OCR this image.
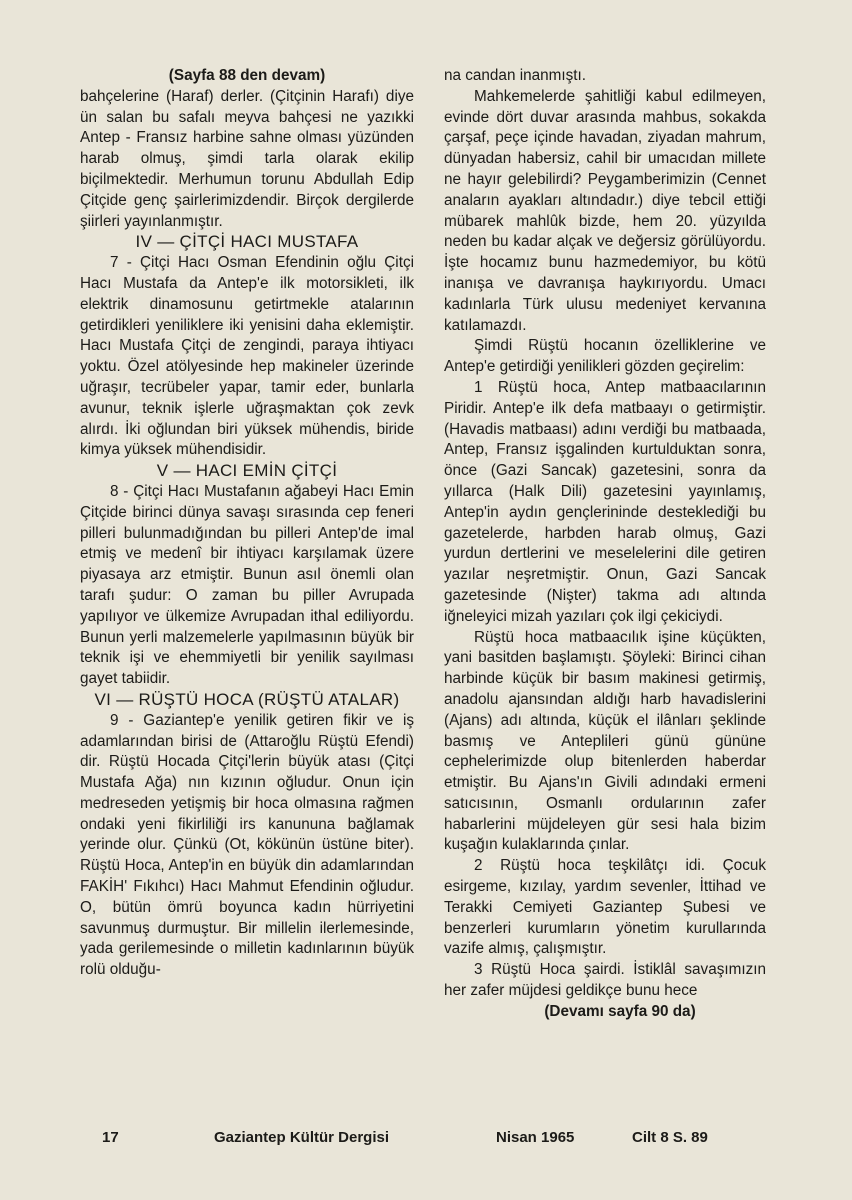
(Sayfa 88 den devam)

bahçelerine (Haraf) derler. (Çitçinin Harafı) diye ün salan bu safalı meyva bahçesi ne yazıkki Antep - Fransız harbine sahne olması yüzünden harab olmuş, şimdi tarla olarak ekilip biçilmektedir. Merhumun torunu Abdullah Edip Çitçide genç şairlerimizdendir. Birçok dergilerde şiirleri yayınlanmıştır.

IV — ÇİTÇİ HACI MUSTAFA

7 - Çitçi Hacı Osman Efendinin oğlu Çitçi Hacı Mustafa da Antep'e ilk motorsikleti, ilk elektrik dinamosunu getirtmekle atalarının getirdikleri yeniliklere iki yenisini daha eklemiştir. Hacı Mustafa Çitçi de zengindi, paraya ihtiyacı yoktu. Özel atölyesinde hep makineler üzerinde uğraşır, tecrübeler yapar, tamir eder, bunlarla avunur, teknik işlerle uğraşmaktan çok zevk alırdı. İki oğlundan biri yüksek mühendis, biride kimya yüksek mühendisidir.

V — HACI EMİN ÇİTÇİ

8 - Çitçi Hacı Mustafanın ağabeyi Hacı Emin Çitçide birinci dünya savaşı sırasında cep feneri pilleri bulunmadığından bu pilleri Antep'de imal etmiş ve medenî bir ihtiyacı karşılamak üzere piyasaya arz etmiştir. Bunun asıl önemli olan tarafı şudur: O zaman bu piller Avrupada yapılıyor ve ülkemize Avrupadan ithal ediliyordu. Bunun yerli malzemelerle yapılmasının büyük bir teknik işi ve ehemmiyetli bir yenilik sayılması gayet tabiidir.

VI — RÜŞTÜ HOCA (RÜŞTÜ ATALAR)

9 - Gaziantep'e yenilik getiren fikir ve iş adamlarından birisi de (Attaroğlu Rüştü Efendi) dir. Rüştü Hocada Çitçi'lerin büyük atası (Çitçi Mustafa Ağa) nın kızının oğludur. Onun için medreseden yetişmiş bir hoca olmasına rağmen ondaki yeni fikirliliği irs kanununa bağlamak yerinde olur. Çünkü (Ot, kökünün üstüne biter). Rüştü Hoca, Antep'in en büyük din adamlarından FAKİH' Fıkıhcı) Hacı Mahmut Efendinin oğludur. O, bütün ömrü boyunca kadın hürriyetini savunmuş durmuştur. Bir millelin ilerlemesinde, yada gerilemesinde o milletin kadınlarının büyük rolü olduğu-

na candan inanmıştı.

Mahkemelerde şahitliği kabul edilmeyen, evinde dört duvar arasında mahbus, sokakda çarşaf, peçe içinde havadan, ziyadan mahrum, dünyadan habersiz, cahil bir umacıdan millete ne hayır gelebilirdi? Peygamberimizin (Cennet anaların ayakları altındadır.) diye tebcil ettiği mübarek mahlûk bizde, hem 20. yüzyılda neden bu kadar alçak ve değersiz görülüyordu. İşte hocamız bunu hazmedemiyor, bu kötü inanışa ve davranışa haykırıyordu. Umacı kadınlarla Türk ulusu medeniyet kervanına katılamazdı.

Şimdi Rüştü hocanın özelliklerine ve Antep'e getirdiği yenilikleri gözden geçirelim:

1 Rüştü hoca, Antep matbaacılarının Piridir. Antep'e ilk defa matbaayı o getirmiştir. (Havadis matbaası) adını verdiği bu matbaada, Antep, Fransız işgalinden kurtulduktan sonra, önce (Gazi Sancak) gazetesini, sonra da yıllarca (Halk Dili) gazetesini yayınlamış, Antep'in aydın gençlerininde desteklediği bu gazetelerde, harbden harab olmuş, Gazi yurdun dertlerini ve meselelerini dile getiren yazılar neşretmiştir. Onun, Gazi Sancak gazetesinde (Nişter) takma adı altında iğneleyici mizah yazıları çok ilgi çekiciydi.

Rüştü hoca matbaacılık işine küçükten, yani basitden başlamıştı. Şöyleki: Birinci cihan harbinde küçük bir basım makinesi getirmiş, anadolu ajansından aldığı harb havadislerini (Ajans) adı altında, küçük el ilânları şeklinde basmış ve Anteplileri günü gününe cephelerimizde olup bitenlerden haberdar etmiştir. Bu Ajans'ın Givili adındaki ermeni satıcısının, Osmanlı ordularının zafer habarlerini müjdeleyen gür sesi hala bizim kuşağın kulaklarında çınlar.

2 Rüştü hoca teşkilâtçı idi. Çocuk esirgeme, kızılay, yardım sevenler, İttihad ve Terakki Cemiyeti Gaziantep Şubesi ve benzerleri kurumların yönetim kurullarında vazife almış, çalışmıştır.

3 Rüştü Hoca şairdi. İstiklâl savaşımızın her zafer müjdesi geldikçe bunu hece

(Devamı sayfa 90 da)

17	Gaziantep Kültür Dergisi	Nisan 1965	Cilt 8 S. 89
